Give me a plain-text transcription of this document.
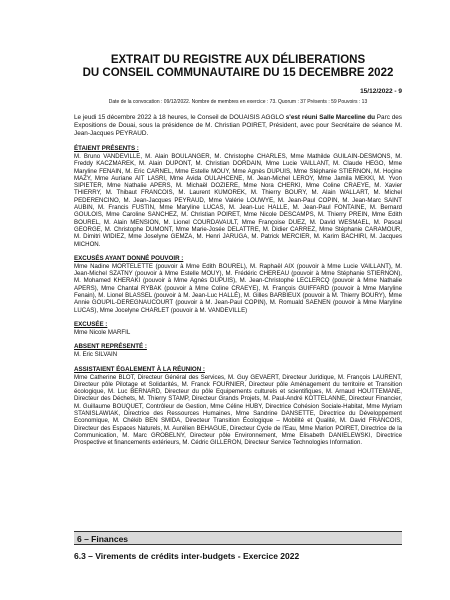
EXTRAIT DU REGISTRE AUX DÉLIBERATIONS

DU CONSEIL COMMUNAUTAIRE DU 15 DECEMBRE 2022

15/12/2022 - 9
Date de la convocation : 09/12/2022. Nombre de membres en exercice : 73. Quorum : 37 Présents : 59 Pouvoirs : 13
Le jeudi 15 décembre 2022 à 18 heures, le Conseil de DOUAISIS AGGLO s'est réuni Salle Marceline du Parc des Expositions de Douai, sous la présidence de M. Christian POIRET, Président, avec pour Secrétaire de séance M. Jean-Jacques PEYRAUD.
ÉTAIENT PRÉSENTS :
M. Bruno VANDEVILLE, M. Alain BOULANGER, M. Christophe CHARLES, Mme Mathilde GUILAIN-DESMONS, M. Freddy KACZMAREK, M. Alain DUPONT, M. Christian DORDAIN, Mme Lucie VAILLANT, M. Claude HEGO, Mme Maryline FENAIN, M. Eric CARNEL, Mme Estelle MOUY, Mme Agnès DUPUIS, Mme Stéphanie STIERNON, M. Hoçine MAZY, Mme Auriane AIT LASRI, Mme Avida OULAHCENE, M. Jean-Michel LEROY, Mme Jamila MEKKI, M. Yvon SIPIETER, Mme Nathalie APERS, M. Michaël DOZIERE, Mme Nora CHERKI, Mme Coline CRAEYE, M. Xavier THIERRY, M. Thibaut FRANCOIS, M. Laurent KUMOREK, M. Thierry BOURY, M. Alain WALLART, M. Michel PEDERENCINO, M. Jean-Jacques PEYRAUD, Mme Valérie LOUWYE, M. Jean-Paul COPIN, M. Jean-Marc SAINT AUBIN, M. Francis FUSTIN, Mme Maryline LUCAS, M. Jean-Luc HALLE, M. Jean-Paul FONTAINE, M. Bernard GOULOIS, Mme Caroline SANCHEZ, M. Christian POIRET, Mme Nicole DESCAMPS, M. Thierry PREIN, Mme Edith BOUREL, M. Alain MENSION, M. Lionel COURDAVAULT, Mme Françoise DUEZ, M. David WESMAEL, M. Pascal GEORGE, M. Christophe DUMONT, Mme Marie-Josée DELATTRE, M. Didier CARREZ, Mme Stéphanie CARAMOUR, M. Dimitri WIDIEZ, Mme Joselyne GEMZA, M. Henri JARUGA, M. Patrick MERCIER, M. Karim BACHIRI, M. Jacques MICHON.
EXCUSÉS AYANT DONNÉ POUVOIR :
Mme Nadine MORTELETTE (pouvoir à Mme Edith BOUREL), M. Raphaël AIX (pouvoir à Mme Lucie VAILLANT), M. Jean-Michel SZATNY (pouvoir à Mme Estelle MOUY), M. Frédéric CHEREAU (pouvoir à Mme Stéphanie STIERNON), M. Mohamed KHERAKI (pouvoir à Mme Agnès DUPUIS), M. Jean-Christophe LECLERCQ (pouvoir à Mme Nathalie APERS), Mme Chantal RYBAK (pouvoir à Mme Coline CRAEYE), M. François GUIFFARD (pouvoir à Mme Maryline Fenain), M. Lionel BLASSEL (pouvoir à M. Jean-Luc HALLÉ), M. Gilles BARBIEUX (pouvoir à M. Thierry BOURY), Mme Annie GOUPIL-DEREGNAUCOURT (pouvoir à M. Jean-Paul COPIN), M. Romuald SAENEN (pouvoir à Mme Maryline LUCAS), Mme Jocelyne CHARLET (pouvoir à M. VANDEVILLE)
EXCUSÉE :
Mme Nicole MARFIL
ABSENT REPRÉSENTÉ :
M. Eric SILVAIN
ASSISTAIENT ÉGALEMENT À LA RÉUNION :
Mme Catherine BLOT, Directeur Général des Services, M. Guy GEVAERT, Directeur Juridique, M. François LAURENT, Directeur pôle Pilotage et Solidarités, M. Franck FOURNIER, Directeur pôle Aménagement du territoire et Transition écologique, M. Luc BERNARD, Directeur du pôle Equipements culturels et scientifiques, M. Arnaud HOUTTEMANE, Directeur des Déchets, M. Thierry STAMP, Directeur Grands Projets, M. Paul-André KOTTELANNE, Directeur Financier, M. Guillaume BOUQUET, Contrôleur de Gestion, Mme Céline HUBY, Directrice Cohésion Sociale-Habitat, Mme Myriam STANISLAWIAK, Directrice des Ressources Humaines, Mme Sandrine DANSETTE, Directrice du Développement Economique, M. Chékib BEN SMIDA, Directeur Transition Écologique – Mobilité et Qualité, M. David FRANCOIS, Directeur des Espaces Naturels, M. Aurélien BEHAGUE, Directeur Cycle de l'Eau, Mme Marion POIRET, Directrice de la Communication, M. Marc GROBELNY, Directeur pôle Environnement, Mme Elisabeth DANIELEWSKI, Directrice Prospective et financements extérieurs, M. Cédric GILLERON, Directeur Service Technologies Information.
6 – Finances
6.3 – Virements de crédits inter-budgets - Exercice 2022
